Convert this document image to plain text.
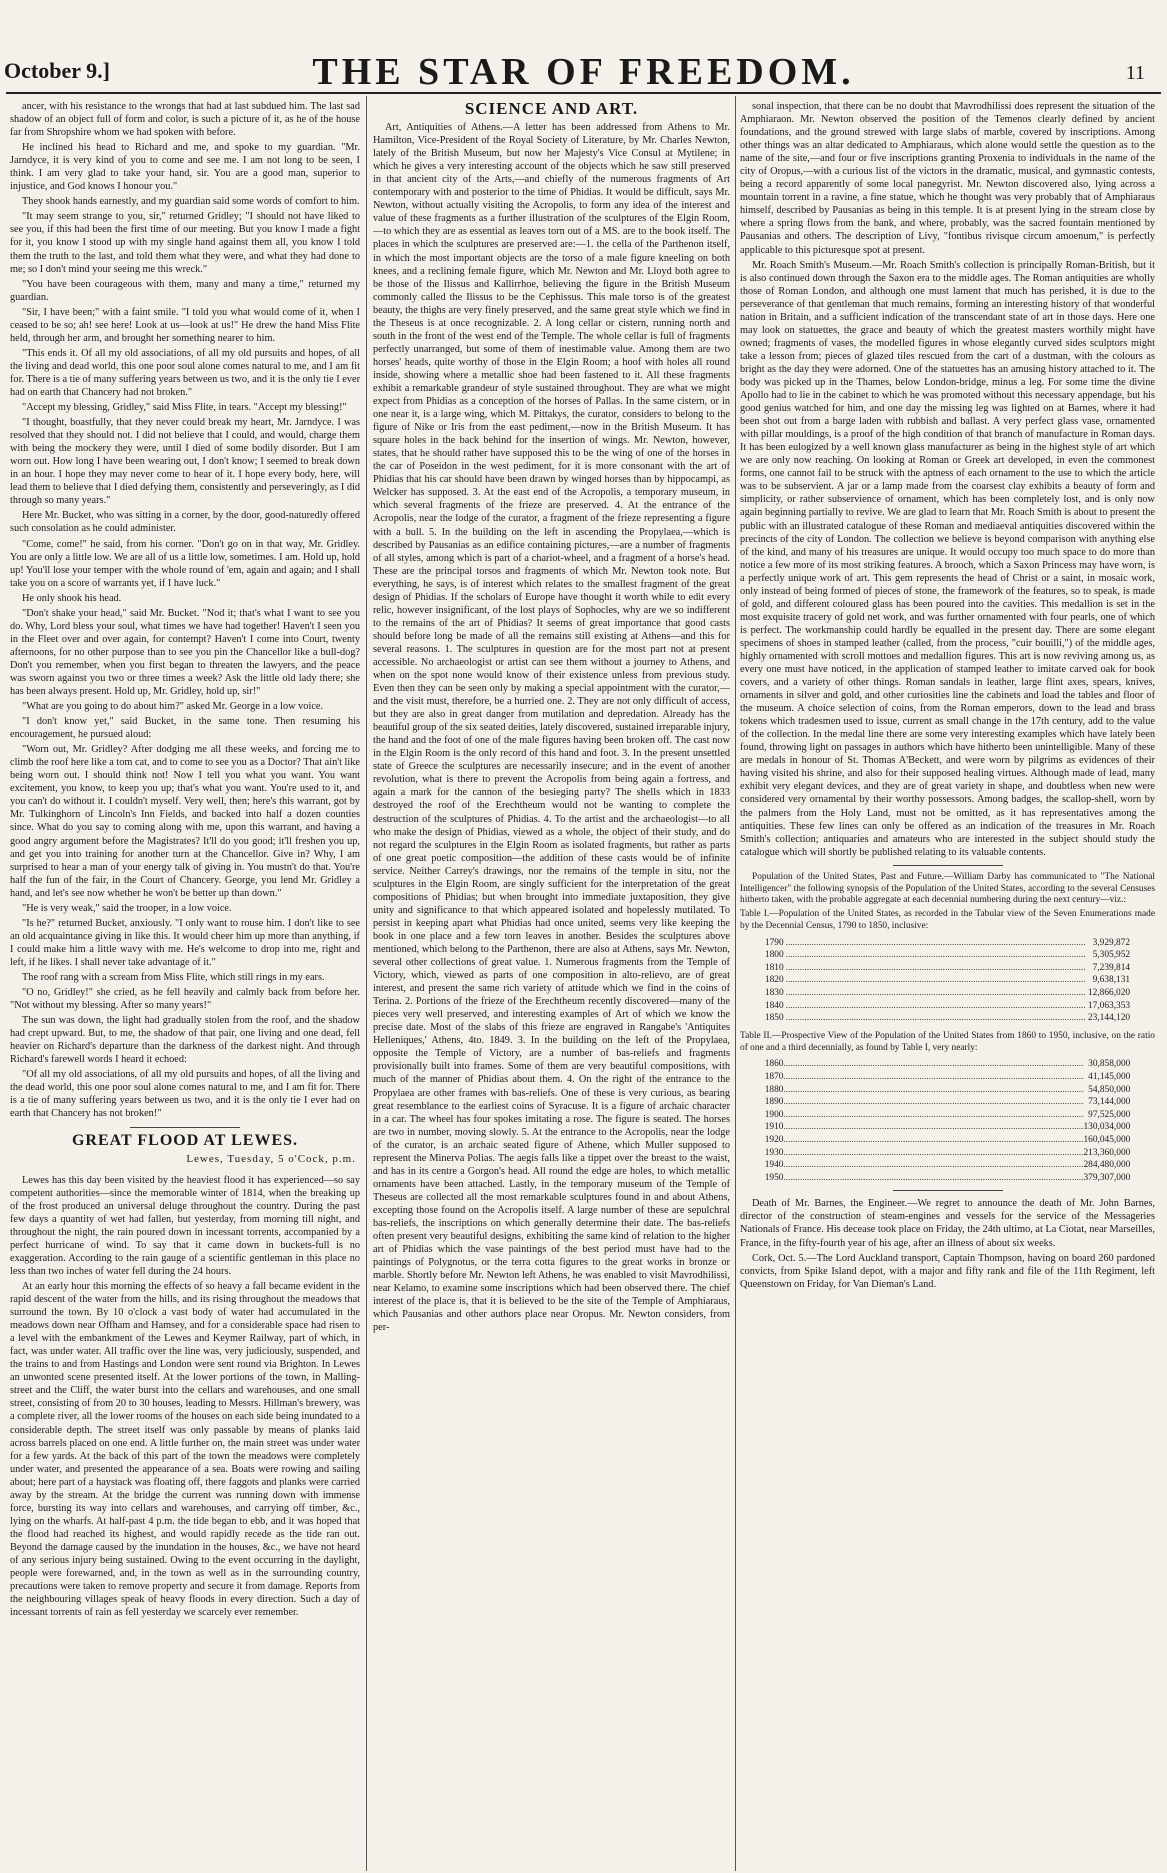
October 9.]	THE STAR OF FREEDOM.	11

ancer, with his resistance to the wrongs that had at last subdued him. The last sad shadow of an object full of form and color, is such a picture of it, as he of the house far from Shropshire whom we had spoken with before.

He inclined his head to Richard and me, and spoke to my guardian. "Mr. Jarndyce, it is very kind of you to come and see me. I am not long to be seen, I think. I am very glad to take your hand, sir. You are a good man, superior to injustice, and God knows I honour you."

They shook hands earnestly, and my guardian said some words of comfort to him.

"It may seem strange to you, sir," returned Gridley; "I should not have liked to see you, if this had been the first time of our meeting. But you know I made a fight for it, you know I stood up with my single hand against them all, you know I told them the truth to the last, and told them what they were, and what they had done to me; so I don't mind your seeing me this wreck."

"You have been courageous with them, many and many a time," returned my guardian.

"Sir, I have been;" with a faint smile. "I told you what would come of it, when I ceased to be so; ah! see here! Look at us—look at us!" He drew the hand Miss Flite held, through her arm, and brought her something nearer to him.

"This ends it. Of all my old associations, of all my old pursuits and hopes, of all the living and dead world, this one poor soul alone comes natural to me, and I am fit for. There is a tie of many suffering years between us two, and it is the only tie I ever had on earth that Chancery had not broken."

"Accept my blessing, Gridley," said Miss Flite, in tears. "Accept my blessing!"

"I thought, boastfully, that they never could break my heart, Mr. Jarndyce. I was resolved that they should not. I did not believe that I could, and would, charge them with being the mockery they were, until I died of some bodily disorder. But I am worn out. How long I have been wearing out, I don't know; I seemed to break down in an hour. I hope they may never come to hear of it. I hope every body, here, will lead them to believe that I died defying them, consistently and perseveringly, as I did through so many years."

Here Mr. Bucket, who was sitting in a corner, by the door, good-naturedly offered such consolation as he could administer.

"Come, come!" he said, from his corner. "Don't go on in that way, Mr. Gridley. You are only a little low. We are all of us a little low, sometimes. I am. Hold up, hold up! You'll lose your temper with the whole round of 'em, again and again; and I shall take you on a score of warrants yet, if I have luck."

He only shook his head.

"Don't shake your head," said Mr. Bucket. "Nod it; that's what I want to see you do. Why, Lord bless your soul, what times we have had together! Haven't I seen you in the Fleet over and over again, for contempt? Haven't I come into Court, twenty afternoons, for no other purpose than to see you pin the Chancellor like a bull-dog? Don't you remember, when you first began to threaten the lawyers, and the peace was sworn against you two or three times a week? Ask the little old lady there; she has been always present. Hold up, Mr. Gridley, hold up, sir!"

"What are you going to do about him?" asked Mr. George in a low voice.

"I don't know yet," said Bucket, in the same tone. Then resuming his encouragement, he pursued aloud:

"Worn out, Mr. Gridley? After dodging me all these weeks, and forcing me to climb the roof here like a tom cat, and to come to see you as a Doctor? That ain't like being worn out. I should think not! Now I tell you what you want. You want excitement, you know, to keep you up; that's what you want. You're used to it, and you can't do without it. I couldn't myself. Very well, then; here's this warrant, got by Mr. Tulkinghorn of Lincoln's Inn Fields, and backed into half a dozen counties since. What do you say to coming along with me, upon this warrant, and having a good angry argument before the Magistrates? It'll do you good; it'll freshen you up, and get you into training for another turn at the Chancellor. Give in? Why, I am surprised to hear a man of your energy talk of giving in. You mustn't do that. You're half the fun of the fair, in the Court of Chancery. George, you lend Mr. Gridley a hand, and let's see now whether he won't be better up than down."

"He is very weak," said the trooper, in a low voice.

"Is he?" returned Bucket, anxiously. "I only want to rouse him. I don't like to see an old acquaintance giving in like this. It would cheer him up more than anything, if I could make him a little wavy with me. He's welcome to drop into me, right and left, if he likes. I shall never take advantage of it."

The roof rang with a scream from Miss Flite, which still rings in my ears.

"O no, Gridley!" she cried, as he fell heavily and calmly back from before her. "Not without my blessing. After so many years!"

The sun was down, the light had gradually stolen from the roof, and the shadow had crept upward. But, to me, the shadow of that pair, one living and one dead, fell heavier on Richard's departure than the darkness of the darkest night. And through Richard's farewell words I heard it echoed:

"Of all my old associations, of all my old pursuits and hopes, of all the living and the dead world, this one poor soul alone comes natural to me, and I am fit for. There is a tie of many suffering years between us two, and it is the only tie I ever had on earth that Chancery has not broken!"

GREAT FLOOD AT LEWES.
Lewes, Tuesday, 5 o'Cock, p.m.

Lewes has this day been visited by the heaviest flood it has experienced—so say competent authorities—since the memorable winter of 1814, when the breaking up of the frost produced an universal deluge throughout the country. During the past few days a quantity of wet had fallen, but yesterday, from morning till night, and throughout the night, the rain poured down in incessant torrents, accompanied by a perfect hurricane of wind. To say that it came down in buckets-full is no exaggeration. According to the rain gauge of a scientific gentleman in this place no less than two inches of water fell during the 24 hours.

At an early hour this morning the effects of so heavy a fall became evident in the rapid descent of the water from the hills, and its rising throughout the meadows that surround the town. By 10 o'clock a vast body of water had accumulated in the meadows down near Offham and Hamsey, and for a considerable space had risen to a level with the embankment of the Lewes and Keymer Railway, part of which, in fact, was under water. All traffic over the line was, very judiciously, suspended, and the trains to and from Hastings and London were sent round via Brighton. In Lewes an unwonted scene presented itself. At the lower portions of the town, in Malling-street and the Cliff, the water burst into the cellars and warehouses, and one small street, consisting of from 20 to 30 houses, leading to Messrs. Hillman's brewery, was a complete river, all the lower rooms of the houses on each side being inundated to a considerable depth. The street itself was only passable by means of planks laid across barrels placed on one end. A little further on, the main street was under water for a few yards. At the back of this part of the town the meadows were completely under water, and presented the appearance of a sea. Boats were rowing and sailing about; here part of a haystack was floating off, there faggots and planks were carried away by the stream. At the bridge the current was running down with immense force, bursting its way into cellars and warehouses, and carrying off timber, &c., lying on the wharfs. At half-past 4 p.m. the tide began to ebb, and it was hoped that the flood had reached its highest, and would rapidly recede as the tide ran out. Beyond the damage caused by the inundation in the houses, &c., we have not heard of any serious injury being sustained. Owing to the event occurring in the daylight, people were forewarned, and, in the town as well as in the surrounding country, precautions were taken to remove property and secure it from damage. Reports from the neighbouring villages speak of heavy floods in every direction. Such a day of incessant torrents of rain as fell yesterday we scarcely ever remember.

SCIENCE AND ART.

Art, Antiquities of Athens.—A letter has been addressed from Athens to Mr. Hamilton, Vice-President of the Royal Society of Literature, by Mr. Charles Newton, lately of the British Museum, but now her Majesty's Vice Consul at Mytilene; in which he gives a very interesting account of the objects which he saw still preserved in that ancient city of the Arts,—and chiefly of the numerous fragments of Art contemporary with and posterior to the time of Phidias. It would be difficult, says Mr. Newton, without actually visiting the Acropolis, to form any idea of the interest and value of these fragments as a further illustration of the sculptures of the Elgin Room,—to which they are as essential as leaves torn out of a MS. are to the book itself. The places in which the sculptures are preserved are:—1. the cella of the Parthenon itself, in which the most important objects are the torso of a male figure kneeling on both knees, and a reclining female figure, which Mr. Newton and Mr. Lloyd both agree to be those of the Ilissus and Kallirrhoe, believing the figure in the British Museum commonly called the Ilissus to be the Cephissus. This male torso is of the greatest beauty, the thighs are very finely preserved, and the same great style which we find in the Theseus is at once recognizable. 2. A long cellar or cistern, running north and south in the front of the west end of the Temple. The whole cellar is full of fragments perfectly unarranged, but some of them of inestimable value. Among them are two horses' heads, quite worthy of those in the Elgin Room; a hoof with holes all round inside, showing where a metallic shoe had been fastened to it. All these fragments exhibit a remarkable grandeur of style sustained throughout. They are what we might expect from Phidias as a conception of the horses of Pallas. In the same cistern, or in one near it, is a large wing, which M. Pittakys, the curator, considers to belong to the figure of Nike or Iris from the east pediment,—now in the British Museum. It has square holes in the back behind for the insertion of wings. Mr. Newton, however, states, that he should rather have supposed this to be the wing of one of the horses in the car of Poseidon in the west pediment, for it is more consonant with the art of Phidias that his car should have been drawn by winged horses than by hippocampi, as Welcker has supposed. 3. At the east end of the Acropolis, a temporary museum, in which several fragments of the frieze are preserved. 4. At the entrance of the Acropolis, near the lodge of the curator, a fragment of the frieze representing a figure with a bull. 5. In the building on the left in ascending the Propylaea,—which is described by Pausanias as an edifice containing pictures,—are a number of fragments of all styles, among which is part of a chariot-wheel, and a fragment of a horse's head. These are the principal torsos and fragments of which Mr. Newton took note. But everything, he says, is of interest which relates to the smallest fragment of the great design of Phidias. If the scholars of Europe have thought it worth while to edit every relic, however insignificant, of the lost plays of Sophocles, why are we so indifferent to the remains of the art of Phidias? It seems of great importance that good casts should before long be made of all the remains still existing at Athens—and this for several reasons. 1. The sculptures in question are for the most part not at present accessible. No archaeologist or artist can see them without a journey to Athens, and when on the spot none would know of their existence unless from previous study. Even then they can be seen only by making a special appointment with the curator,—and the visit must, therefore, be a hurried one. 2. They are not only difficult of access, but they are also in great danger from mutilation and depredation. Already has the beautiful group of the six seated deities, lately discovered, sustained irreparable injury, the hand and the foot of one of the male figures having been broken off. The cast now in the Elgin Room is the only record of this hand and foot. 3. In the present unsettled state of Greece the sculptures are necessarily insecure; and in the event of another revolution, what is there to prevent the Acropolis from being again a fortress, and again a mark for the cannon of the besieging party? The shells which in 1833 destroyed the roof of the Erechtheum would not be wanting to complete the destruction of the sculptures of Phidias. 4. To the artist and the archaeologist—to all who make the design of Phidias, viewed as a whole, the object of their study, and do not regard the sculptures in the Elgin Room as isolated fragments, but rather as parts of one great poetic composition—the addition of these casts would be of infinite service. Neither Carrey's drawings, nor the remains of the temple in situ, nor the sculptures in the Elgin Room, are singly sufficient for the interpretation of the great compositions of Phidias; but when brought into immediate juxtaposition, they give unity and significance to that which appeared isolated and hopelessly mutilated. To persist in keeping apart what Phidias had once united, seems very like keeping the book in one place and a few torn leaves in another. Besides the sculptures above mentioned, which belong to the Parthenon, there are also at Athens, says Mr. Newton, several other collections of great value. 1. Numerous fragments from the Temple of Victory, which, viewed as parts of one composition in alto-relievo, are of great interest, and present the same rich variety of attitude which we find in the coins of Terina. 2. Portions of the frieze of the Erechtheum recently discovered—many of the pieces very well preserved, and interesting examples of Art of which we know the precise date. Most of the slabs of this frieze are engraved in Rangabe's 'Antiquites Helleniques,' Athens, 4to. 1849. 3. In the building on the left of the Propylaea, opposite the Temple of Victory, are a number of bas-reliefs and fragments provisionally built into frames. Some of them are very beautiful compositions, with much of the manner of Phidias about them. 4. On the right of the entrance to the Propylaea are other frames with bas-reliefs. One of these is very curious, as bearing great resemblance to the earliest coins of Syracuse. It is a figure of archaic character in a car. The wheel has four spokes imitating a rose. The figure is seated. The horses are two in number, moving slowly. 5. At the entrance to the Acropolis, near the lodge of the curator, is an archaic seated figure of Athene, which Muller supposed to represent the Minerva Polias. The aegis falls like a tippet over the breast to the waist, and has in its centre a Gorgon's head. All round the edge are holes, to which metallic ornaments have been attached. Lastly, in the temporary museum of the Temple of Theseus are collected all the most remarkable sculptures found in and about Athens, excepting those found on the Acropolis itself. A large number of these are sepulchral bas-reliefs, the inscriptions on which generally determine their date. The bas-reliefs often present very beautiful designs, exhibiting the same kind of relation to the higher art of Phidias which the vase paintings of the best period must have had to the paintings of Polygnotus, or the terra cotta figures to the great works in bronze or marble. Shortly before Mr. Newton left Athens, he was enabled to visit Mavrodhilissi, near Kelamo, to examine some inscriptions which had been observed there. The chief interest of the place is, that it is believed to be the site of the Temple of Amphiaraus, which Pausanias and other authors place near Oropus. Mr. Newton considers, from per-

sonal inspection, that there can be no doubt that Mavrodhilissi does represent the situation of the Amphiaraon. Mr. Newton observed the position of the Temenos clearly defined by ancient foundations, and the ground strewed with large slabs of marble, covered by inscriptions. Among other things was an altar dedicated to Amphiaraus, which alone would settle the question as to the name of the site,—and four or five inscriptions granting Proxenia to individuals in the name of the city of Oropus,—with a curious list of the victors in the dramatic, musical, and gymnastic contests, being a record apparently of some local panegyrist. Mr. Newton discovered also, lying across a mountain torrent in a ravine, a fine statue, which he thought was very probably that of Amphiaraus himself, described by Pausanias as being in this temple. It is at present lying in the stream close by where a spring flows from the bank, and where, probably, was the sacred fountain mentioned by Pausanias and others. The description of Livy, "fontibus rivisque circum amoenum," is perfectly applicable to this picturesque spot at present.

Mr. Roach Smith's Museum.—Mr. Roach Smith's collection is principally Roman-British, but it is also continued down through the Saxon era to the middle ages. The Roman antiquities are wholly those of Roman London, and although one must lament that much has perished, it is due to the perseverance of that gentleman that much remains, forming an interesting history of that wonderful nation in Britain, and a sufficient indication of the transcendant state of art in those days. Here one may look on statuettes, the grace and beauty of which the greatest masters worthily might have owned; fragments of vases, the modelled figures in whose elegantly curved sides sculptors might take a lesson from; pieces of glazed tiles rescued from the cart of a dustman, with the colours as bright as the day they were adorned. One of the statuettes has an amusing history attached to it. The body was picked up in the Thames, below London-bridge, minus a leg. For some time the divine Apollo had to lie in the cabinet to which he was promoted without this necessary appendage, but his good genius watched for him, and one day the missing leg was lighted on at Barnes, where it had been shot out from a barge laden with rubbish and ballast. A very perfect glass vase, ornamented with pillar mouldings, is a proof of the high condition of that branch of manufacture in Roman days. It has been eulogized by a well known glass manufacturer as being in the highest style of art which we are only now reaching. On looking at Roman or Greek art developed, in even the commonest forms, one cannot fail to be struck with the aptness of each ornament to the use to which the article was to be subservient. A jar or a lamp made from the coarsest clay exhibits a beauty of form and simplicity, or rather subservience of ornament, which has been completely lost, and is only now again beginning partially to revive. We are glad to learn that Mr. Roach Smith is about to present the public with an illustrated catalogue of these Roman and mediaeval antiquities discovered within the precincts of the city of London. The collection we believe is beyond comparison with anything else of the kind, and many of his treasures are unique. It would occupy too much space to do more than notice a few more of its most striking features. A brooch, which a Saxon Princess may have worn, is a perfectly unique work of art. This gem represents the head of Christ or a saint, in mosaic work, only instead of being formed of pieces of stone, the framework of the features, so to speak, is made of gold, and different coloured glass has been poured into the cavities. This medallion is set in the most exquisite tracery of gold net work, and was further ornamented with four pearls, one of which is perfect. The workmanship could hardly be equalled in the present day. There are some elegant specimens of shoes in stamped leather (called, from the process, "cuir bouilli,") of the middle ages, highly ornamented with scroll mottoes and medallion figures. This art is now reviving among us, as every one must have noticed, in the application of stamped leather to imitate carved oak for book covers, and a variety of other things. Roman sandals in leather, large flint axes, spears, knives, ornaments in silver and gold, and other curiosities line the cabinets and load the tables and floor of the museum. A choice selection of coins, from the Roman emperors, down to the lead and brass tokens which tradesmen used to issue, current as small change in the 17th century, add to the value of the collection. In the medal line there are some very interesting examples which have lately been found, throwing light on passages in authors which have hitherto been unintelligible. Many of these are medals in honour of St. Thomas A'Beckett, and were worn by pilgrims as evidences of their having visited his shrine, and also for their supposed healing virtues. Although made of lead, many exhibit very elegant devices, and they are of great variety in shape, and doubtless when new were considered very ornamental by their worthy possessors. Among badges, the scallop-shell, worn by the palmers from the Holy Land, must not be omitted, as it has representatives among the antiquities. These few lines can only be offered as an indication of the treasures in Mr. Roach Smith's collection; antiquaries and amateurs who are interested in the subject should study the catalogue which will shortly be published relating to its valuable contents.

Population of the United States, Past and Future.—William Darby has communicated to "The National Intelligencer" the following synopsis of the Population of the United States, according to the several Censuses hitherto taken, with the probable aggregate at each decennial numbering during the next century—viz.:

Table I.—Population of the United States, as recorded in the Tabular view of the Seven Enumerations made by the Decennial Census, 1790 to 1850, inclusive:

1790	.....	3,929,872
1800	.....	5,305,952
1810	.....	7,239,814
1820	.....	9,638,131
1830	.....	12,866,020
1840	.....	17,063,353
1850	.....	23,144,120

Table II.—Prospective View of the Population of the United States from 1860 to 1950, inclusive, on the ratio of one and a third decennially, as found by Table I, very nearly:

1860	.....	30,858,000
1870	.....	41,145,000
1880	.....	54,850,000
1890	.....	73,144,000
1900	.....	97,525,000
1910	.....	130,034,000
1920	.....	160,045,000
1930	.....	213,360,000
1940	.....	284,480,000
1950	.....	379,307,000

Death of Mr. Barnes, the Engineer.—We regret to announce the death of Mr. John Barnes, director of the construction of steam-engines and vessels for the service of the Messageries Nationals of France. His decease took place on Friday, the 24th ultimo, at La Ciotat, near Marseilles, France, in the fifty-fourth year of his age, after an illness of about six weeks.

Cork, Oct. 5.—The Lord Auckland transport, Captain Thompson, having on board 260 pardoned convicts, from Spike Island depot, with a major and fifty rank and file of the 11th Regiment, left Queenstown on Friday, for Van Dieman's Land.
